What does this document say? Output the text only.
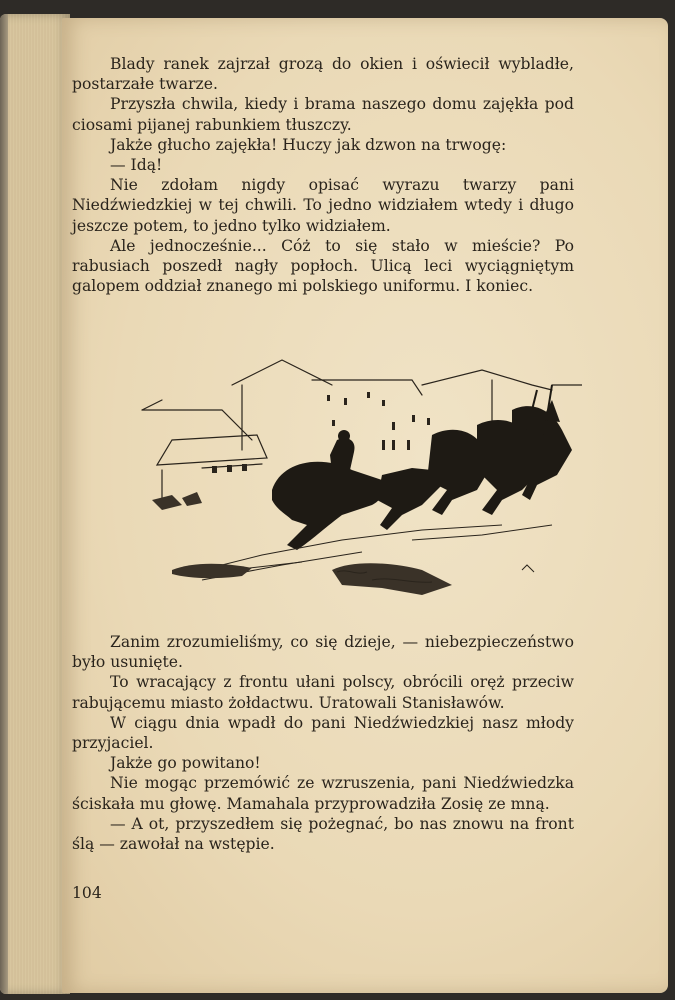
Blady ranek zajrzał grozą do okien i oświecił wybladłe, postarzałe twarze.

Przyszła chwila, kiedy i brama naszego domu zajękła pod ciosami pijanej rabunkiem tłuszczy.

Jakże głucho zajękła! Huczy jak dzwon na trwogę:

— Idą!

Nie zdołam nigdy opisać wyrazu twarzy pani Niedźwiedzkiej w tej chwili. To jedno widziałem wtedy i długo jeszcze potem, to jedno tylko widziałem.

Ale jednocześnie... Cóż to się stało w mieście? Po rabusiach poszedł nagły popłoch. Ulicą leci wyciągniętym galopem oddział znanego mi polskiego uniformu. I koniec.

Zanim zrozumieliśmy, co się dzieje, — niebezpieczeństwo było usunięte.

To wracający z frontu ułani polscy, obrócili oręż przeciw rabującemu miasto żołdactwu. Uratowali Stanisławów.

W ciągu dnia wpadł do pani Niedźwiedzkiej nasz młody przyjaciel.

Jakże go powitano!

Nie mogąc przemówić ze wzruszenia, pani Niedźwiedzka ściskała mu głowę. Mamahala przyprowadziła Zosię ze mną.

— A ot, przyszedłem się pożegnać, bo nas znowu na front ślą — zawołał na wstępie.

104
